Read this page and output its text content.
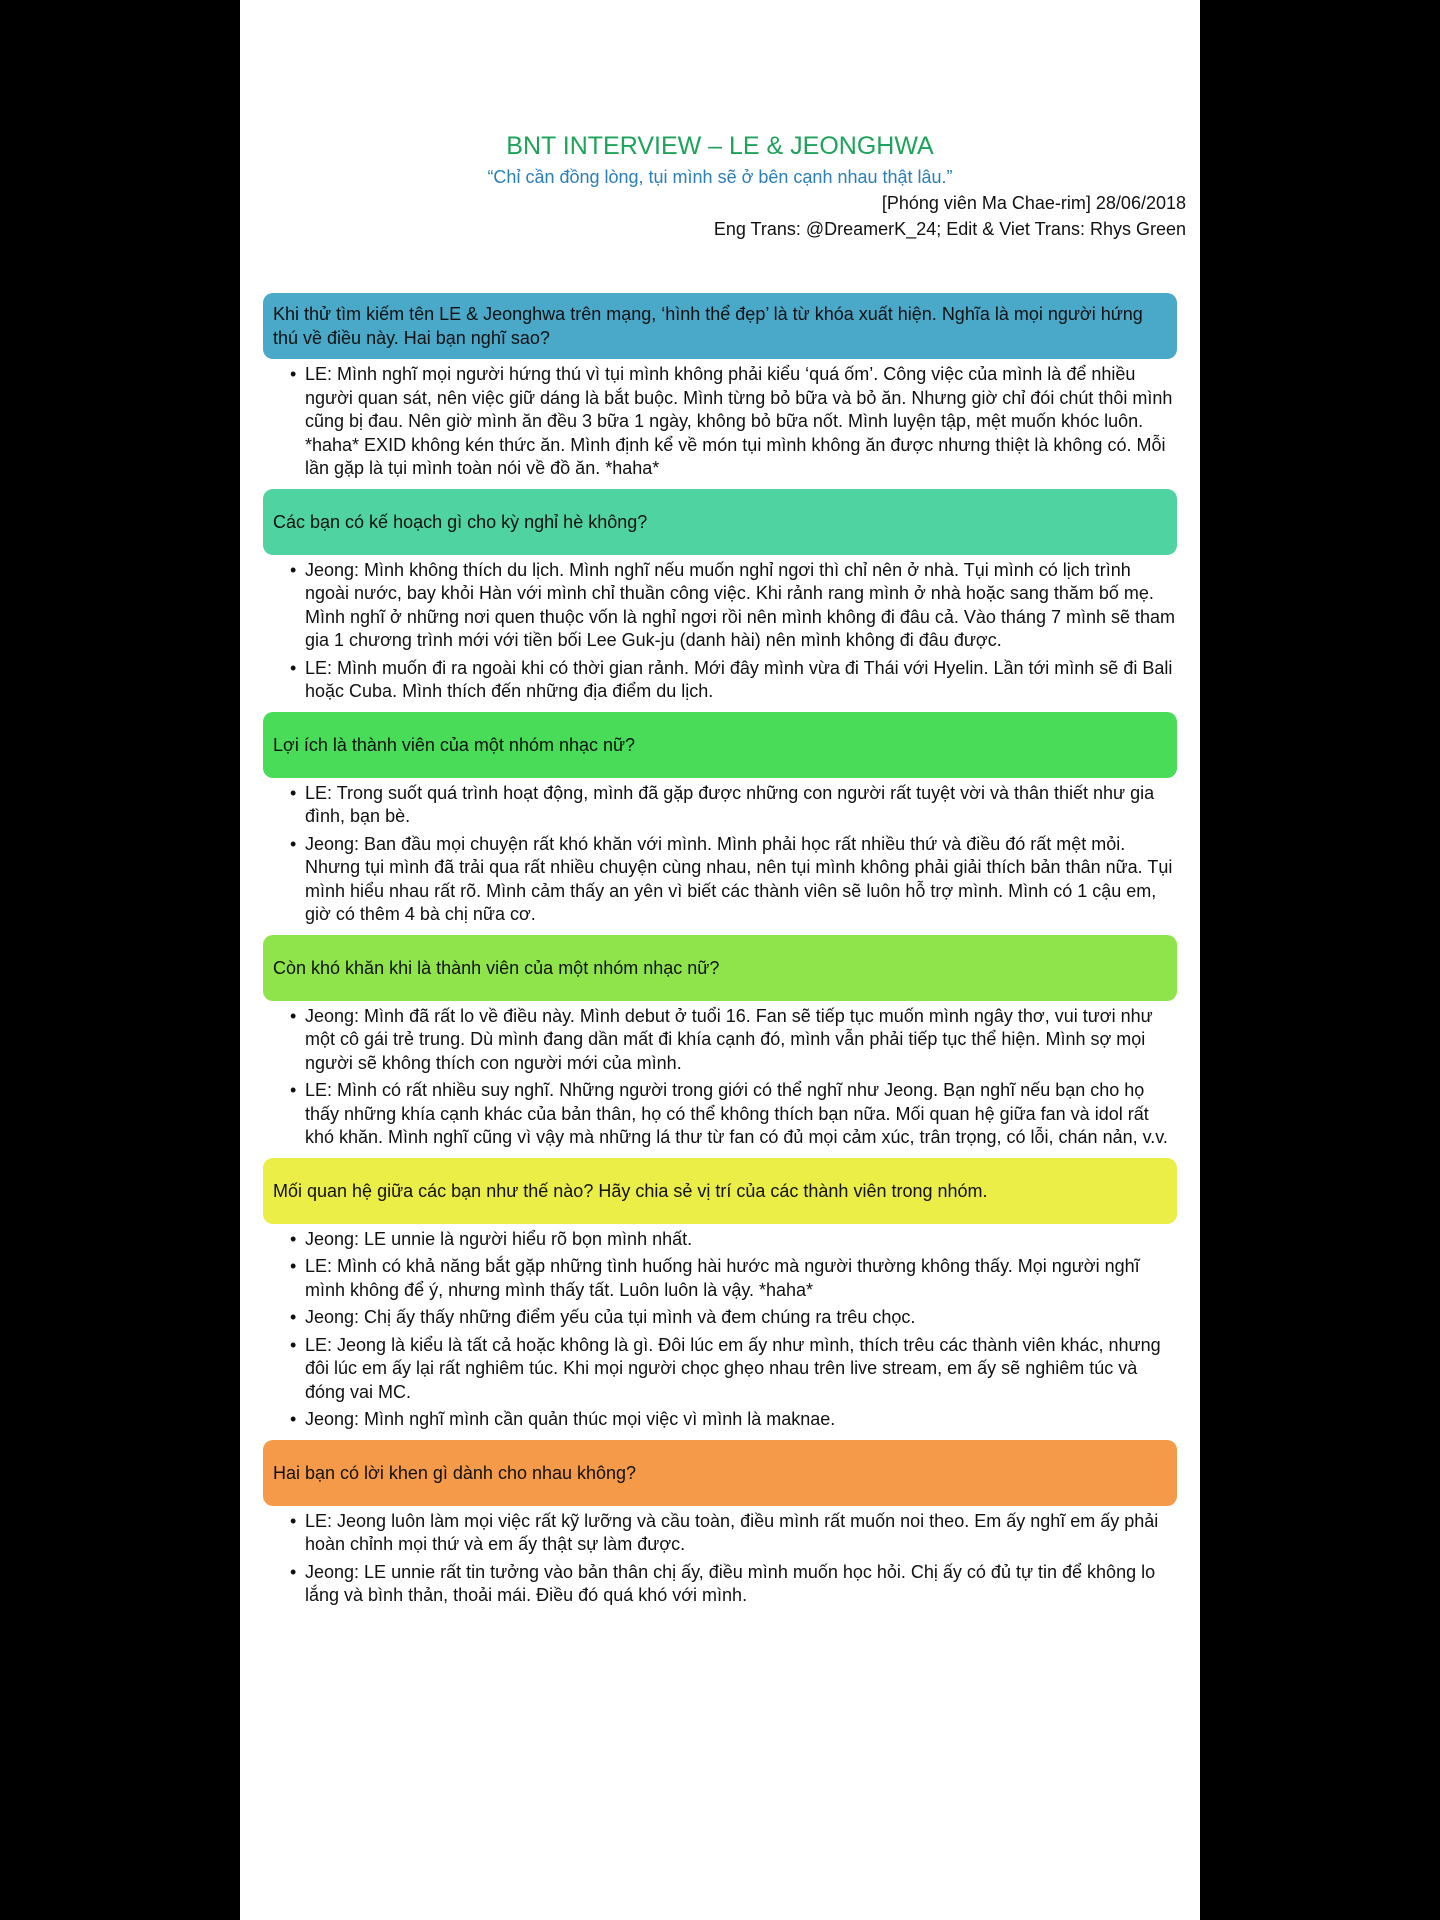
BNT INTERVIEW – LE & JEONGHWA
“Chỉ cần đồng lòng, tụi mình sẽ ở bên cạnh nhau thật lâu.”
[Phóng viên Ma Chae-rim] 28/06/2018
Eng Trans: @DreamerK_24; Edit & Viet Trans: Rhys Green
Khi thử tìm kiếm tên LE & Jeonghwa trên mạng, ‘hình thể đẹp’ là từ khóa xuất hiện. Nghĩa là mọi người hứng thú về điều này. Hai bạn nghĩ sao?
• LE: Mình nghĩ mọi người hứng thú vì tụi mình không phải kiểu ‘quá ốm’. Công việc của mình là để nhiều người quan sát, nên việc giữ dáng là bắt buộc. Mình từng bỏ bữa và bỏ ăn. Nhưng giờ chỉ đói chút thôi mình cũng bị đau. Nên giờ mình ăn đều 3 bữa 1 ngày, không bỏ bữa nốt. Mình luyện tập, mệt muốn khóc luôn. *haha* EXID không kén thức ăn. Mình định kể về món tụi mình không ăn được nhưng thiệt là không có. Mỗi lần gặp là tụi mình toàn nói về đồ ăn. *haha*
Các bạn có kế hoạch gì cho kỳ nghỉ hè không?
• Jeong: Mình không thích du lịch. Mình nghĩ nếu muốn nghỉ ngơi thì chỉ nên ở nhà. Tụi mình có lịch trình ngoài nước, bay khỏi Hàn với mình chỉ thuần công việc. Khi rảnh rang mình ở nhà hoặc sang thăm bố mẹ. Mình nghĩ ở những nơi quen thuộc vốn là nghỉ ngơi rồi nên mình không đi đâu cả. Vào tháng 7 mình sẽ tham gia 1 chương trình mới với tiền bối Lee Guk-ju (danh hài) nên mình không đi đâu được.
• LE: Mình muốn đi ra ngoài khi có thời gian rảnh. Mới đây mình vừa đi Thái với Hyelin. Lần tới mình sẽ đi Bali hoặc Cuba. Mình thích đến những địa điểm du lịch.
Lợi ích là thành viên của một nhóm nhạc nữ?
• LE: Trong suốt quá trình hoạt động, mình đã gặp được những con người rất tuyệt vời và thân thiết như gia đình, bạn bè.
• Jeong: Ban đầu mọi chuyện rất khó khăn với mình. Mình phải học rất nhiều thứ và điều đó rất mệt mỏi. Nhưng tụi mình đã trải qua rất nhiều chuyện cùng nhau, nên tụi mình không phải giải thích bản thân nữa. Tụi mình hiểu nhau rất rõ. Mình cảm thấy an yên vì biết các thành viên sẽ luôn hỗ trợ mình. Mình có 1 cậu em, giờ có thêm 4 bà chị nữa cơ.
Còn khó khăn khi là thành viên của một nhóm nhạc nữ?
• Jeong: Mình đã rất lo về điều này. Mình debut ở tuổi 16. Fan sẽ tiếp tục muốn mình ngây thơ, vui tươi như một cô gái trẻ trung. Dù mình đang dần mất đi khía cạnh đó, mình vẫn phải tiếp tục thể hiện. Mình sợ mọi người sẽ không thích con người mới của mình.
• LE: Mình có rất nhiều suy nghĩ. Những người trong giới có thể nghĩ như Jeong. Bạn nghĩ nếu bạn cho họ thấy những khía cạnh khác của bản thân, họ có thể không thích bạn nữa. Mối quan hệ giữa fan và idol rất khó khăn. Mình nghĩ cũng vì vậy mà những lá thư từ fan có đủ mọi cảm xúc, trân trọng, có lỗi, chán nản, v.v.
Mối quan hệ giữa các bạn như thế nào? Hãy chia sẻ vị trí của các thành viên trong nhóm.
• Jeong: LE unnie là người hiểu rõ bọn mình nhất.
• LE: Mình có khả năng bắt gặp những tình huống hài hước mà người thường không thấy. Mọi người nghĩ mình không để ý, nhưng mình thấy tất. Luôn luôn là vậy. *haha*
• Jeong: Chị ấy thấy những điểm yếu của tụi mình và đem chúng ra trêu chọc.
• LE: Jeong là kiểu là tất cả hoặc không là gì. Đôi lúc em ấy như mình, thích trêu các thành viên khác, nhưng đôi lúc em ấy lại rất nghiêm túc. Khi mọi người chọc ghẹo nhau trên live stream, em ấy sẽ nghiêm túc và đóng vai MC.
• Jeong: Mình nghĩ mình cần quản thúc mọi việc vì mình là maknae.
Hai bạn có lời khen gì dành cho nhau không?
• LE: Jeong luôn làm mọi việc rất kỹ lưỡng và cầu toàn, điều mình rất muốn noi theo. Em ấy nghĩ em ấy phải hoàn chỉnh mọi thứ và em ấy thật sự làm được.
• Jeong: LE unnie rất tin tưởng vào bản thân chị ấy, điều mình muốn học hỏi. Chị ấy có đủ tự tin để không lo lắng và bình thản, thoải mái. Điều đó quá khó với mình.
